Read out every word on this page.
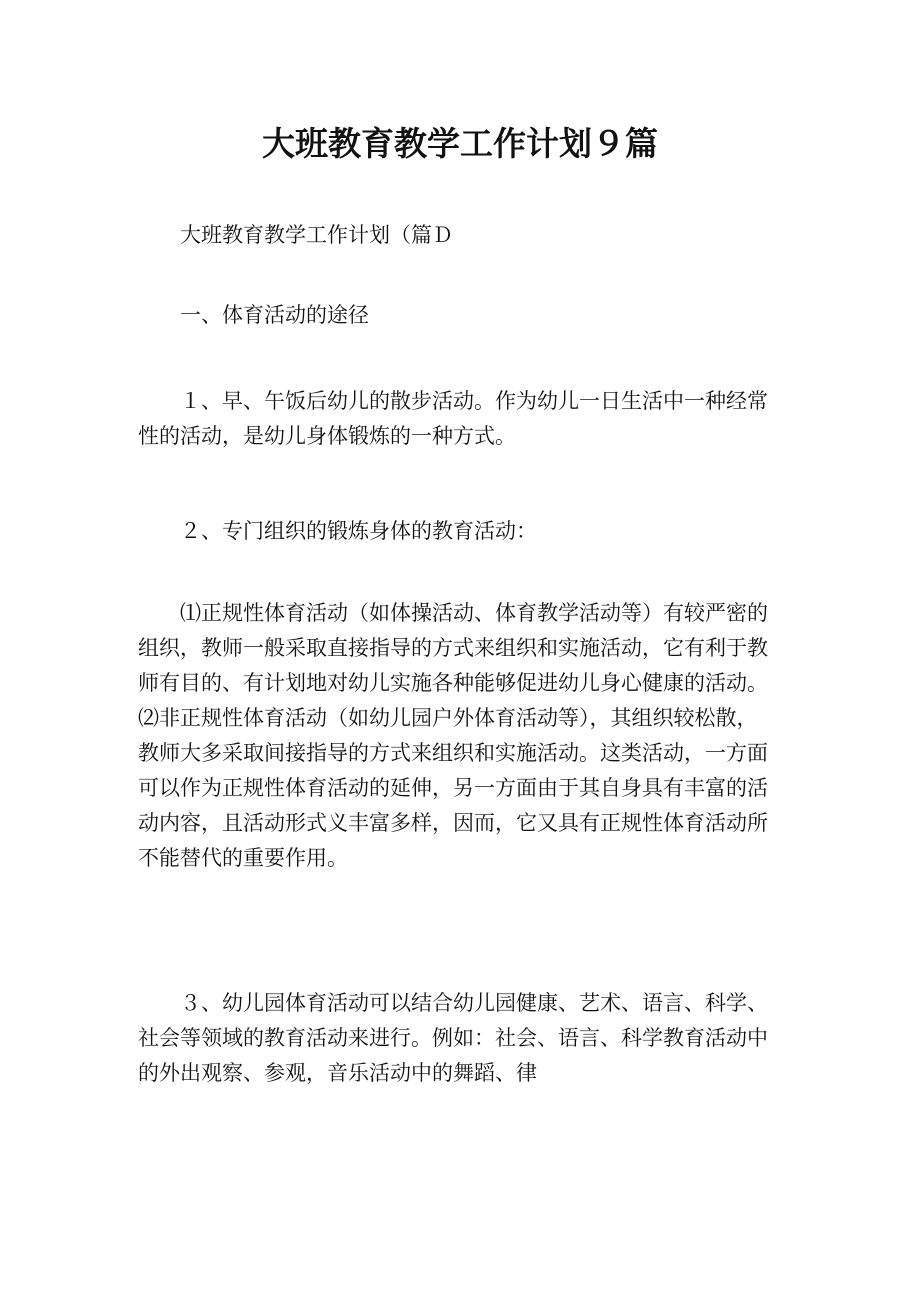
大班教育教学工作计划９篇

大班教育教学工作计划（篇Ｄ

一、体育活动的途径

１、早、午饭后幼儿的散步活动。作为幼儿一日生活中一种经常
性的活动，是幼儿身体锻炼的一种方式。

２、专门组织的锻炼身体的教育活动：

⑴正规性体育活动（如体操活动、体育教学活动等）有较严密的
组织，教师一般采取直接指导的方式来组织和实施活动，它有利于教
师有目的、有计划地对幼儿实施各种能够促进幼儿身心健康的活动。
⑵非正规性体育活动（如幼儿园户外体育活动等），其组织较松散，
教师大多采取间接指导的方式来组织和实施活动。这类活动，一方面
可以作为正规性体育活动的延伸，另一方面由于其自身具有丰富的活
动内容，且活动形式义丰富多样，因而，它又具有正规性体育活动所
不能替代的重要作用。
３、幼儿园体育活动可以结合幼儿园健康、艺术、语言、科学、
社会等领域的教育活动来进行。例如：社会、语言、科学教育活动中
的外出观察、参观，音乐活动中的舞蹈、律
